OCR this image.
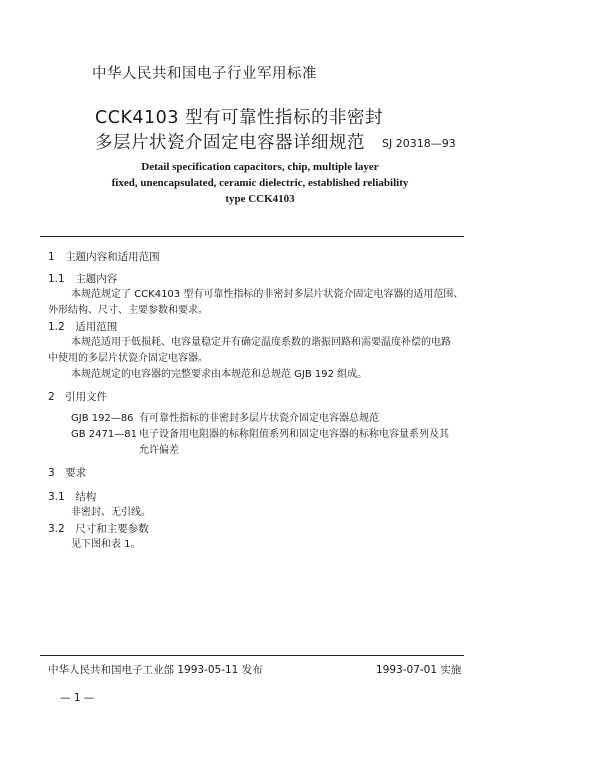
中华人民共和国电子行业军用标准
CCK4103 型有可靠性指标的非密封
多层片状瓷介固定电容器详细规范 SJ 20318—93
Detail specification capacitors, chip, multiple layer
fixed, unencapsulated, ceramic dielectric, established reliability
type CCK4103
1　主题内容和适用范围
1.1　主题内容
本规范规定了 CCK4103 型有可靠性指标的非密封多层片状瓷介固定电容器的适用范围、
外形结构、尺寸、主要参数和要求。
1.2　适用范围
本规范适用于低损耗、电容量稳定并有确定温度系数的谐振回路和需要温度补偿的电路
中使用的多层片状瓷介固定电容器。
本规范规定的电容器的完整要求由本规范和总规范 GJB 192 组成。
2　引用文件
GJB 192—86 有可靠性指标的非密封多层片状瓷介固定电容器总规范
GB 2471—81 电子设备用电阻器的标称阻值系列和固定电容器的标称电容量系列及其
允许偏差
3　要求
3.1　结构
非密封、无引线。
3.2　尺寸和主要参数
见下图和表 1。
中华人民共和国电子工业部 1993-05-11 发布	1993-07-01 实施
— 1 —
